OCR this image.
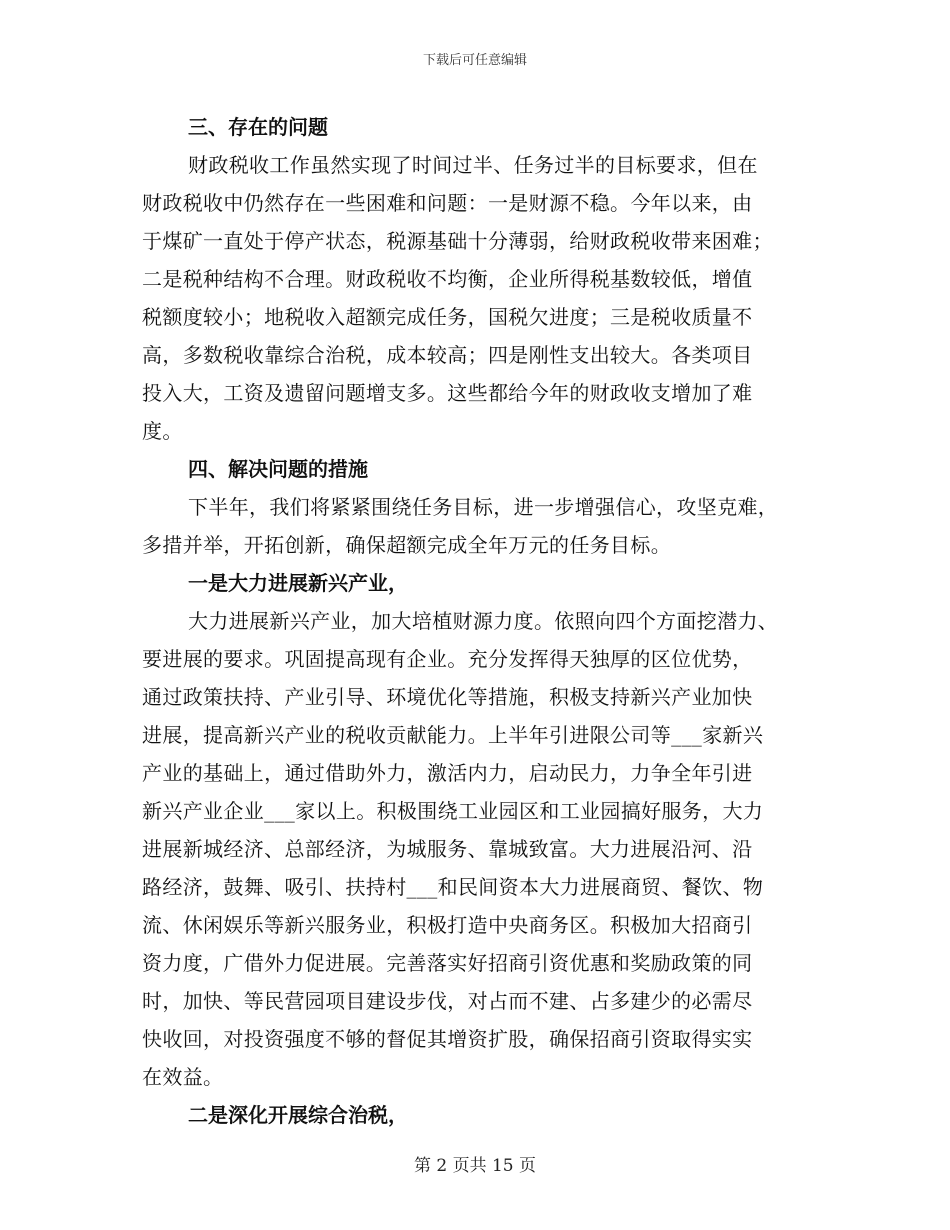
下载后可任意编辑
三、存在的问题
财政税收工作虽然实现了时间过半、任务过半的目标要求，但在
财政税收中仍然存在一些困难和问题：一是财源不稳。今年以来，由
于煤矿一直处于停产状态，税源基础十分薄弱，给财政税收带来困难；
二是税种结构不合理。财政税收不均衡，企业所得税基数较低，增值
税额度较小；地税收入超额完成任务，国税欠进度；三是税收质量不
高，多数税收靠综合治税，成本较高；四是刚性支出较大。各类项目
投入大，工资及遗留问题增支多。这些都给今年的财政收支增加了难
度。
四、解决问题的措施
下半年，我们将紧紧围绕任务目标，进一步增强信心，攻坚克难，
多措并举，开拓创新，确保超额完成全年万元的任务目标。
一是大力进展新兴产业，
大力进展新兴产业，加大培植财源力度。依照向四个方面挖潜力、
要进展的要求。巩固提高现有企业。充分发挥得天独厚的区位优势，
通过政策扶持、产业引导、环境优化等措施，积极支持新兴产业加快
进展，提高新兴产业的税收贡献能力。上半年引进限公司等___家新兴
产业的基础上，通过借助外力，激活内力，启动民力，力争全年引进
新兴产业企业___家以上。积极围绕工业园区和工业园搞好服务，大力
进展新城经济、总部经济，为城服务、靠城致富。大力进展沿河、沿
路经济，鼓舞、吸引、扶持村___和民间资本大力进展商贸、餐饮、物
流、休闲娱乐等新兴服务业，积极打造中央商务区。积极加大招商引
资力度，广借外力促进展。完善落实好招商引资优惠和奖励政策的同
时，加快、等民营园项目建设步伐，对占而不建、占多建少的必需尽
快收回，对投资强度不够的督促其增资扩股，确保招商引资取得实实
在效益。
二是深化开展综合治税，
第 2 页共 15 页
